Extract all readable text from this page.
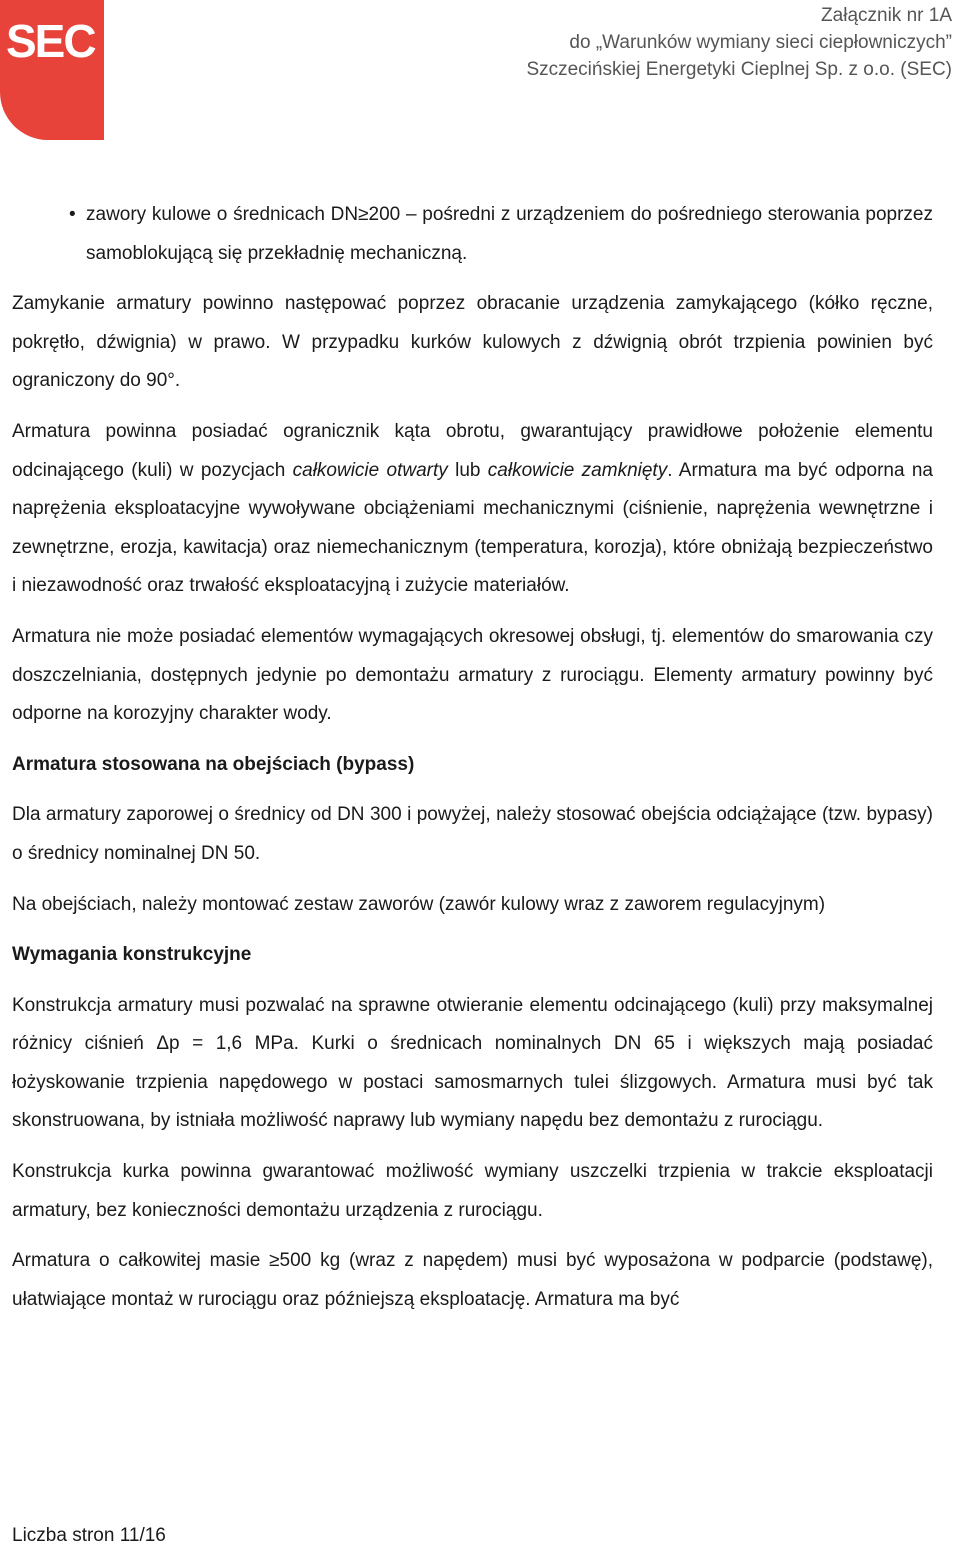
SEC	Załącznik nr 1A
do „Warunków wymiany sieci ciepłowniczych”
Szczecińskiej Energetyki Cieplnej Sp. z o.o. (SEC)
• zawory kulowe o średnicach DN≥200 – pośredni z urządzeniem do pośredniego sterowania poprzez samoblokującą się przekładnię mechaniczną.

Zamykanie armatury powinno następować poprzez obracanie urządzenia zamykającego (kółko ręczne, pokrętło, dźwignia) w prawo. W przypadku kurków kulowych z dźwignią obrót trzpienia powinien być ograniczony do 90°.

Armatura powinna posiadać ogranicznik kąta obrotu, gwarantujący prawidłowe położenie elementu odcinającego (kuli) w pozycjach całkowicie otwarty lub całkowicie zamknięty. Armatura ma być odporna na naprężenia eksploatacyjne wywoływane obciążeniami mechanicznymi (ciśnienie, naprężenia wewnętrzne i zewnętrzne, erozja, kawitacja) oraz niemechanicznym (temperatura, korozja), które obniżają bezpieczeństwo i niezawodność oraz trwałość eksploatacyjną i zużycie materiałów.

Armatura nie może posiadać elementów wymagających okresowej obsługi, tj. elementów do smarowania czy doszczelniania, dostępnych jedynie po demontażu armatury z rurociągu. Elementy armatury powinny być odporne na korozyjny charakter wody.

Armatura stosowana na obejściach (bypass)

Dla armatury zaporowej o średnicy od DN 300 i powyżej, należy stosować obejścia odciążające (tzw. bypasy) o średnicy nominalnej DN 50.

Na obejściach, należy montować zestaw zaworów (zawór kulowy wraz z zaworem regulacyjnym)

Wymagania konstrukcyjne

Konstrukcja armatury musi pozwalać na sprawne otwieranie elementu odcinającego (kuli) przy maksymalnej różnicy ciśnień Δp = 1,6 MPa. Kurki o średnicach nominalnych DN 65 i większych mają posiadać łożyskowanie trzpienia napędowego w postaci samosmarnych tulei ślizgowych. Armatura musi być tak skonstruowana, by istniała możliwość naprawy lub wymiany napędu bez demontażu z rurociągu.

Konstrukcja kurka powinna gwarantować możliwość wymiany uszczelki trzpienia w trakcie eksploatacji armatury, bez konieczności demontażu urządzenia z rurociągu.

Armatura o całkowitej masie ≥500 kg (wraz z napędem) musi być wyposażona w podparcie (podstawę), ułatwiające montaż w rurociągu oraz późniejszą eksploatację. Armatura ma być

Liczba stron 11/16
